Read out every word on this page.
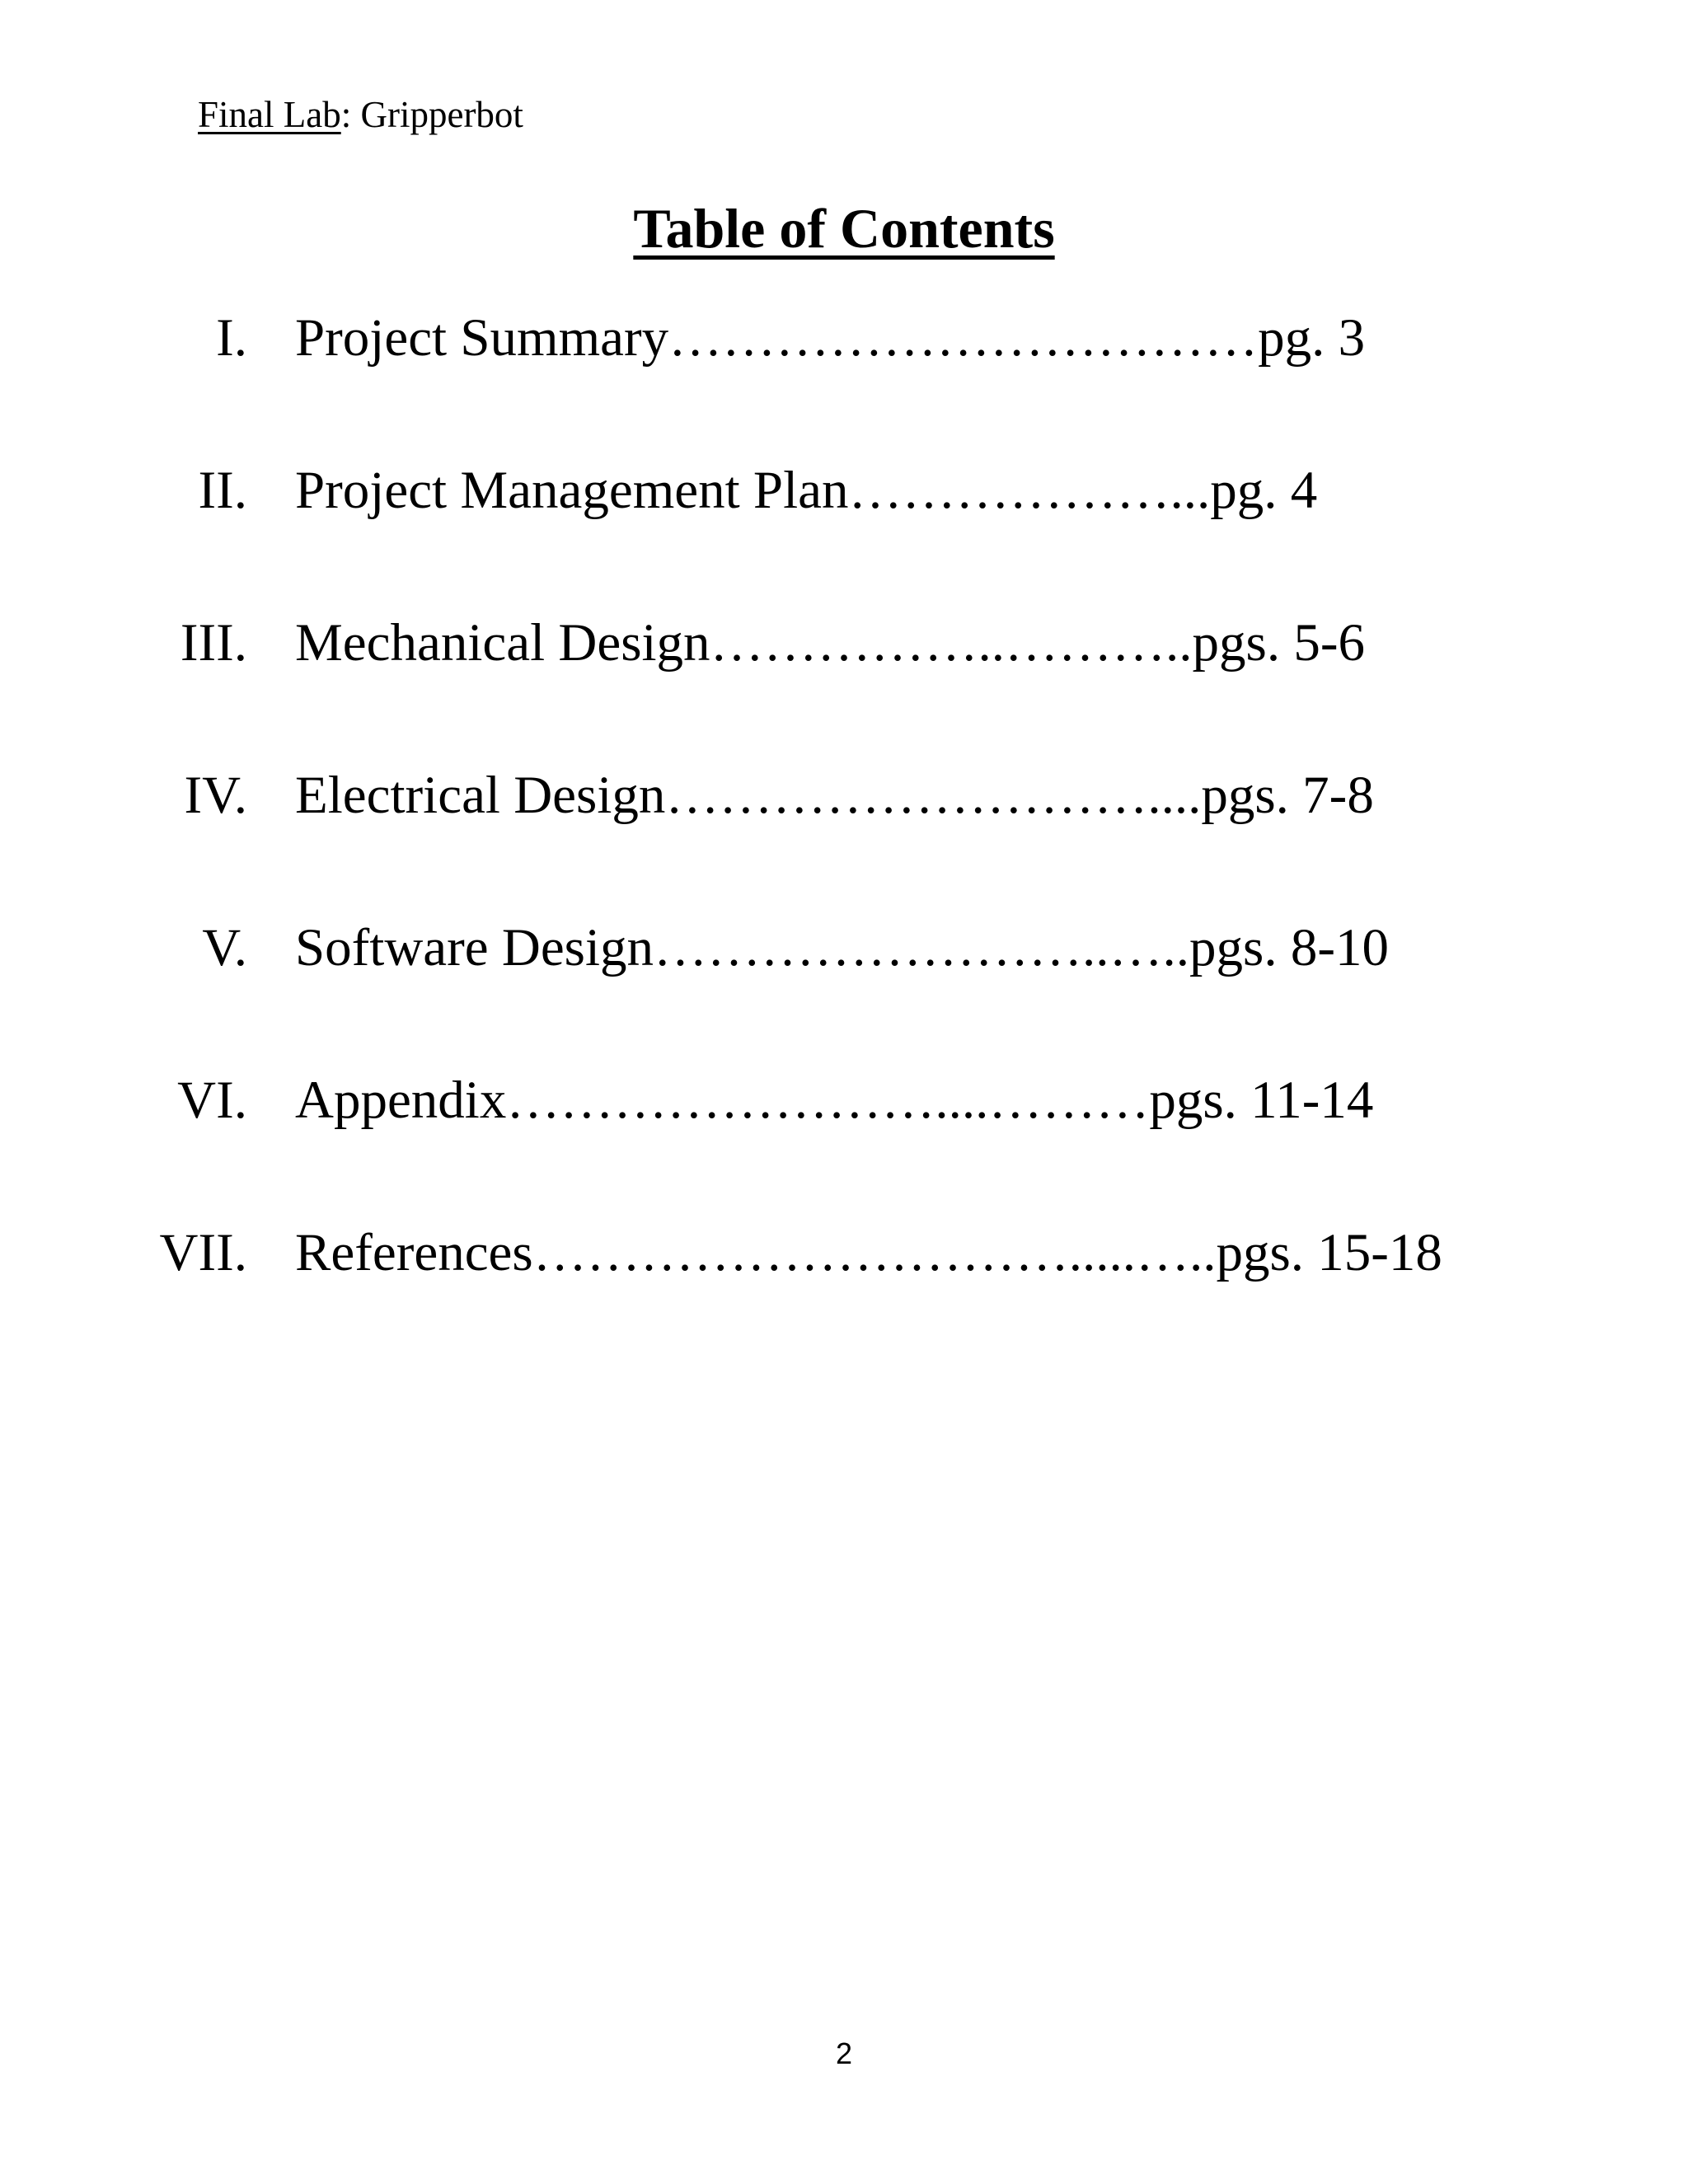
Final Lab: Gripperbot
Table of Contents
I. Project Summary……………………………pg. 3
II. Project Management Plan………………...pg. 4
III. Mechanical Design……………..………..pgs. 5-6
IV. Electrical Design………………………....pgs. 7-8
V. Software Design……………………..…..pgs. 8-10
VI. Appendix……………………....………pgs. 11-14
VII. References………………………….....…..pgs. 15-18
2
